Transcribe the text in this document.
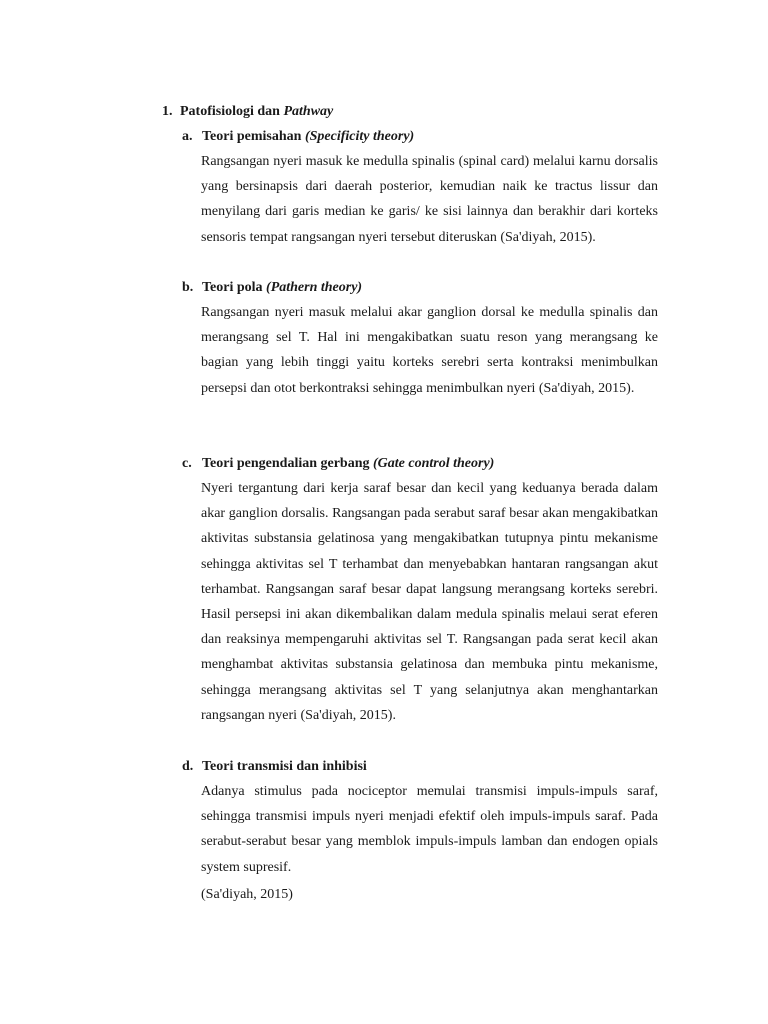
1. Patofisiologi dan Pathway
a. Teori pemisahan (Specificity theory)
Rangsangan nyeri masuk ke medulla spinalis (spinal card) melalui karnu dorsalis yang bersinapsis dari daerah posterior, kemudian naik ke tractus lissur dan menyilang dari garis median ke garis/ ke sisi lainnya dan berakhir dari korteks sensoris tempat rangsangan nyeri tersebut diteruskan (Sa'diyah, 2015).
b. Teori pola (Pathern theory)
Rangsangan nyeri masuk melalui akar ganglion dorsal ke medulla spinalis dan merangsang sel T. Hal ini mengakibatkan suatu reson yang merangsang ke bagian yang lebih tinggi yaitu korteks serebri serta kontraksi menimbulkan persepsi dan otot berkontraksi sehingga menimbulkan nyeri (Sa'diyah, 2015).
c. Teori pengendalian gerbang (Gate control theory)
Nyeri tergantung dari kerja saraf besar dan kecil yang keduanya berada dalam akar ganglion dorsalis. Rangsangan pada serabut saraf besar akan mengakibatkan aktivitas substansia gelatinosa yang mengakibatkan tutupnya pintu mekanisme sehingga aktivitas sel T terhambat dan menyebabkan hantaran rangsangan akut terhambat. Rangsangan saraf besar dapat langsung merangsang korteks serebri. Hasil persepsi ini akan dikembalikan dalam medula spinalis melaui serat eferen dan reaksinya mempengaruhi aktivitas sel T. Rangsangan pada serat kecil akan menghambat aktivitas substansia gelatinosa dan membuka pintu mekanisme, sehingga merangsang aktivitas sel T yang selanjutnya akan menghantarkan rangsangan nyeri (Sa'diyah, 2015).
d. Teori transmisi dan inhibisi
Adanya stimulus pada nociceptor memulai transmisi impuls-impuls saraf, sehingga transmisi impuls nyeri menjadi efektif oleh impuls-impuls saraf. Pada serabut-serabut besar yang memblok impuls-impuls lamban dan endogen opials system supresif.
(Sa'diyah, 2015)
